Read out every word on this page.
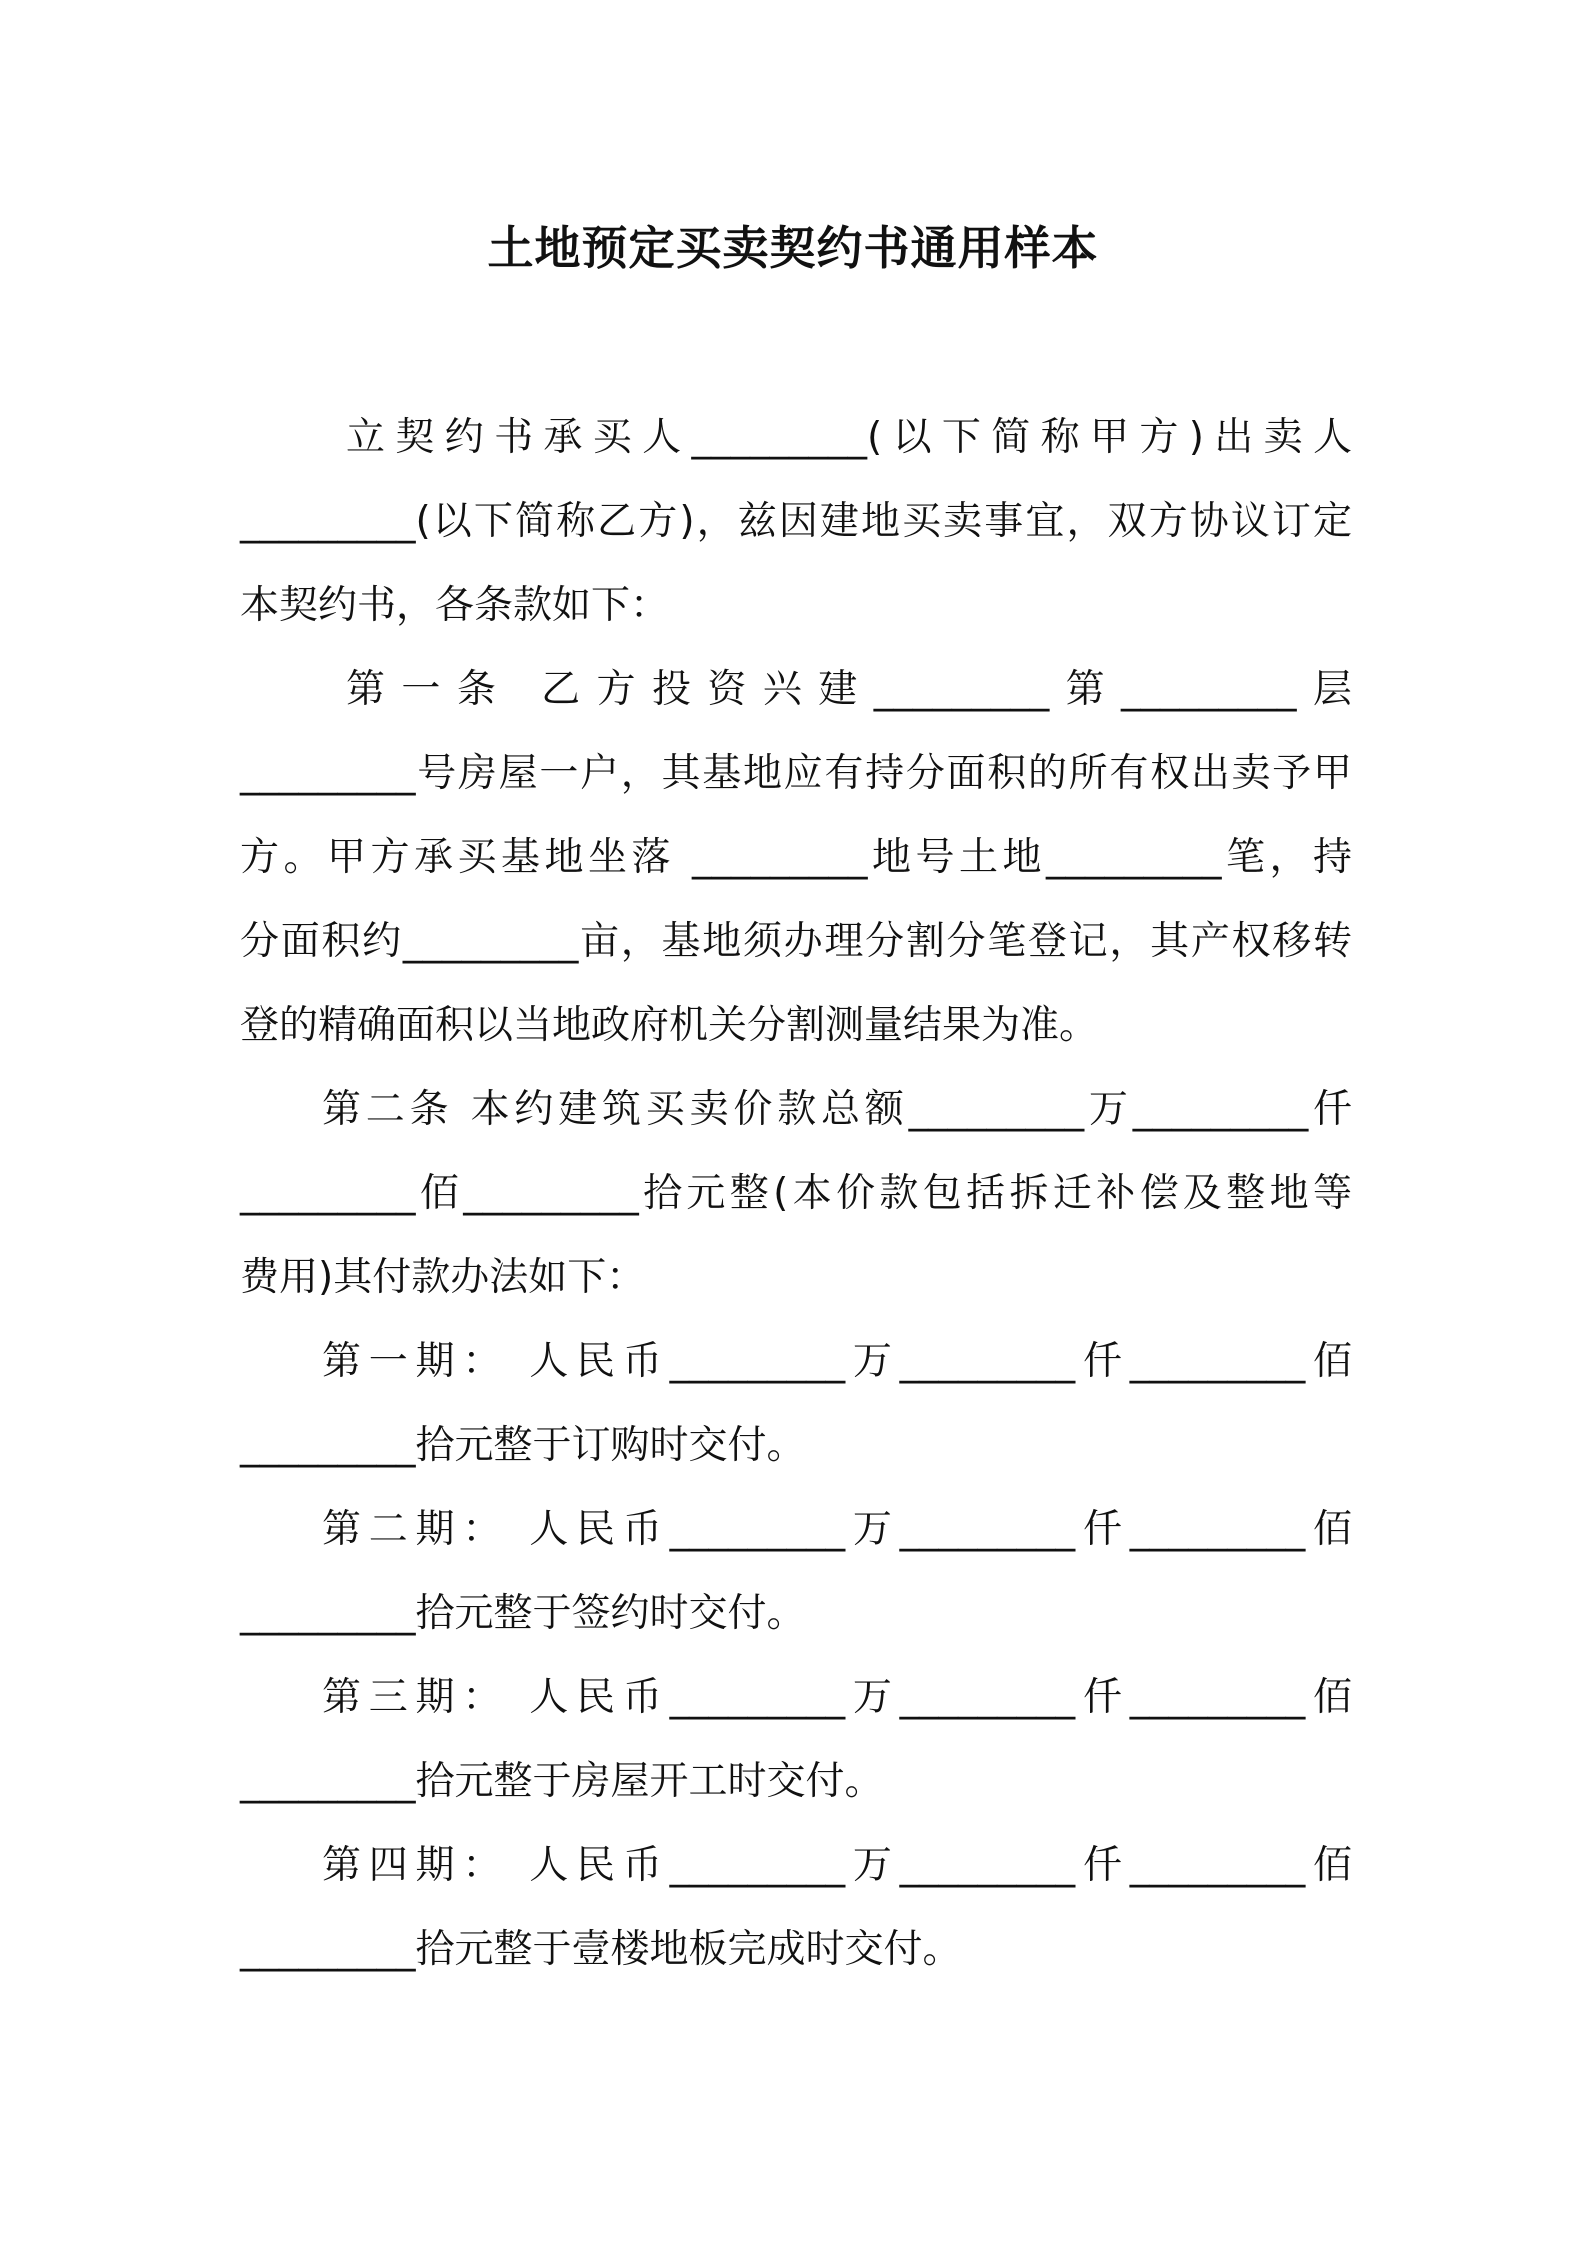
土地预定买卖契约书通用样本
立契约书承买人_________(以下简称甲方)出卖人
_________(以下简称乙方)，兹因建地买卖事宜，双方协议订定
本契约书，各条款如下：
第一条 乙方投资兴建_________第_________层
_________号房屋一户，其基地应有持分面积的所有权出卖予甲
方。甲方承买基地坐落 _________地号土地_________笔，持
分面积约_________亩，基地须办理分割分笔登记，其产权移转
登的精确面积以当地政府机关分割测量结果为准。
第二条 本约建筑买卖价款总额_________万_________仟
_________佰_________拾元整(本价款包括拆迁补偿及整地等
费用)其付款办法如下：
第一期： 人民币_________万_________仟_________佰
_________拾元整于订购时交付。
第二期： 人民币_________万_________仟_________佰
_________拾元整于签约时交付。
第三期： 人民币_________万_________仟_________佰
_________拾元整于房屋开工时交付。
第四期： 人民币_________万_________仟_________佰
_________拾元整于壹楼地板完成时交付。
